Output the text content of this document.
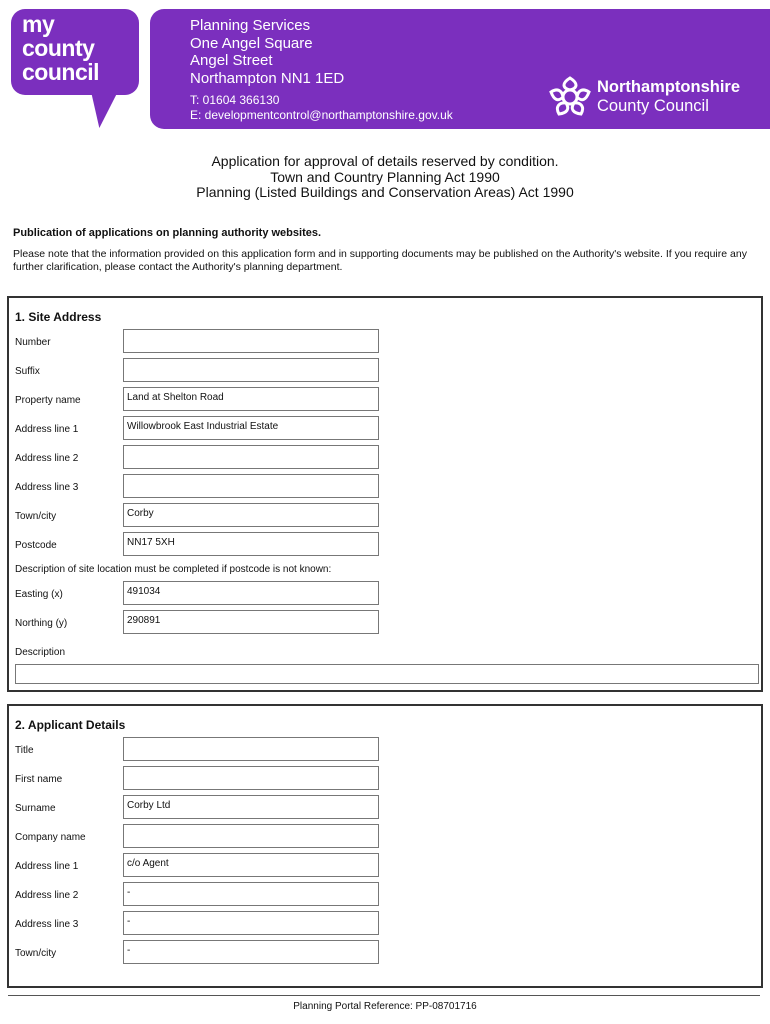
my
county
council
Planning Services
One Angel Square
Angel Street
Northampton NN1 1ED
T: 01604 366130
E: developmentcontrol@northamptonshire.gov.uk
Northamptonshire
County Council
Application for approval of details reserved by condition.
Town and Country Planning Act 1990
Planning (Listed Buildings and Conservation Areas) Act 1990
Publication of applications on planning authority websites.
Please note that the information provided on this application form and in supporting documents may be published on the Authority's website. If you require any further clarification, please contact the Authority's planning department.
1. Site Address
Number
Suffix
Property name	Land at Shelton Road
Address line 1	Willowbrook East Industrial Estate
Address line 2
Address line 3
Town/city	Corby
Postcode	NN17 5XH
Description of site location must be completed if postcode is not known:
Easting (x)	491034
Northing (y)	290891
Description
2. Applicant Details
Title
First name
Surname	Corby Ltd
Company name
Address line 1	c/o Agent
Address line 2	-
Address line 3	-
Town/city	-
Planning Portal Reference: PP-08701716
